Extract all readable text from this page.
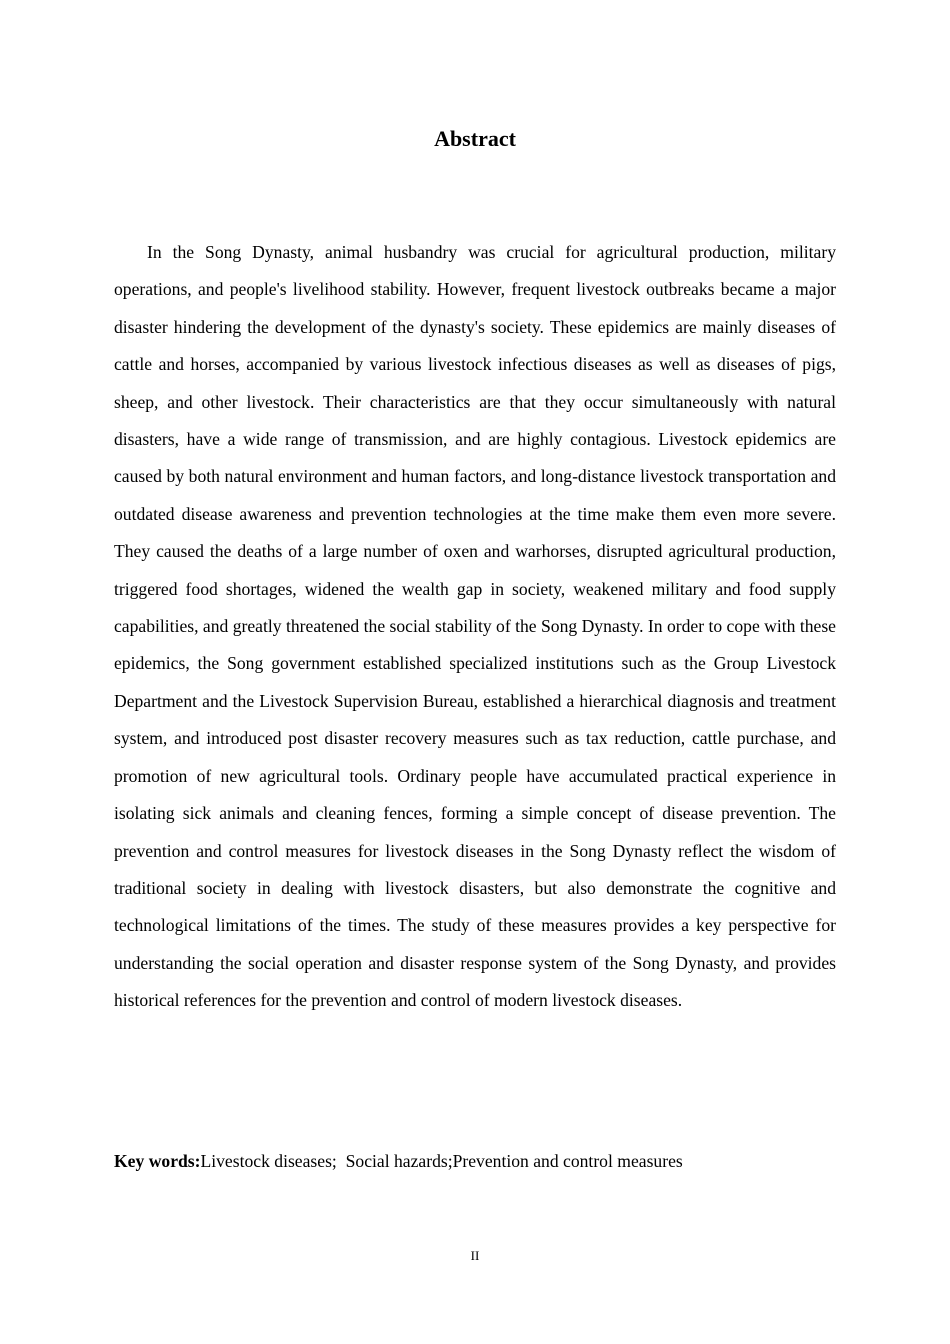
Abstract

In the Song Dynasty, animal husbandry was crucial for agricultural production, military operations, and people's livelihood stability. However, frequent livestock outbreaks became a major disaster hindering the development of the dynasty's society. These epidemics are mainly diseases of cattle and horses, accompanied by various livestock infectious diseases as well as diseases of pigs, sheep, and other livestock. Their characteristics are that they occur simultaneously with natural disasters, have a wide range of transmission, and are highly contagious. Livestock epidemics are caused by both natural environment and human factors, and long-distance livestock transportation and outdated disease awareness and prevention technologies at the time make them even more severe. They caused the deaths of a large number of oxen and warhorses, disrupted agricultural production, triggered food shortages, widened the wealth gap in society, weakened military and food supply capabilities, and greatly threatened the social stability of the Song Dynasty. In order to cope with these epidemics, the Song government established specialized institutions such as the Group Livestock Department and the Livestock Supervision Bureau, established a hierarchical diagnosis and treatment system, and introduced post disaster recovery measures such as tax reduction, cattle purchase, and promotion of new agricultural tools. Ordinary people have accumulated practical experience in isolating sick animals and cleaning fences, forming a simple concept of disease prevention. The prevention and control measures for livestock diseases in the Song Dynasty reflect the wisdom of traditional society in dealing with livestock disasters, but also demonstrate the cognitive and technological limitations of the times. The study of these measures provides a key perspective for understanding the social operation and disaster response system of the Song Dynasty, and provides historical references for the prevention and control of modern livestock diseases.

Key words:Livestock diseases;  Social hazards;Prevention and control measures

II
